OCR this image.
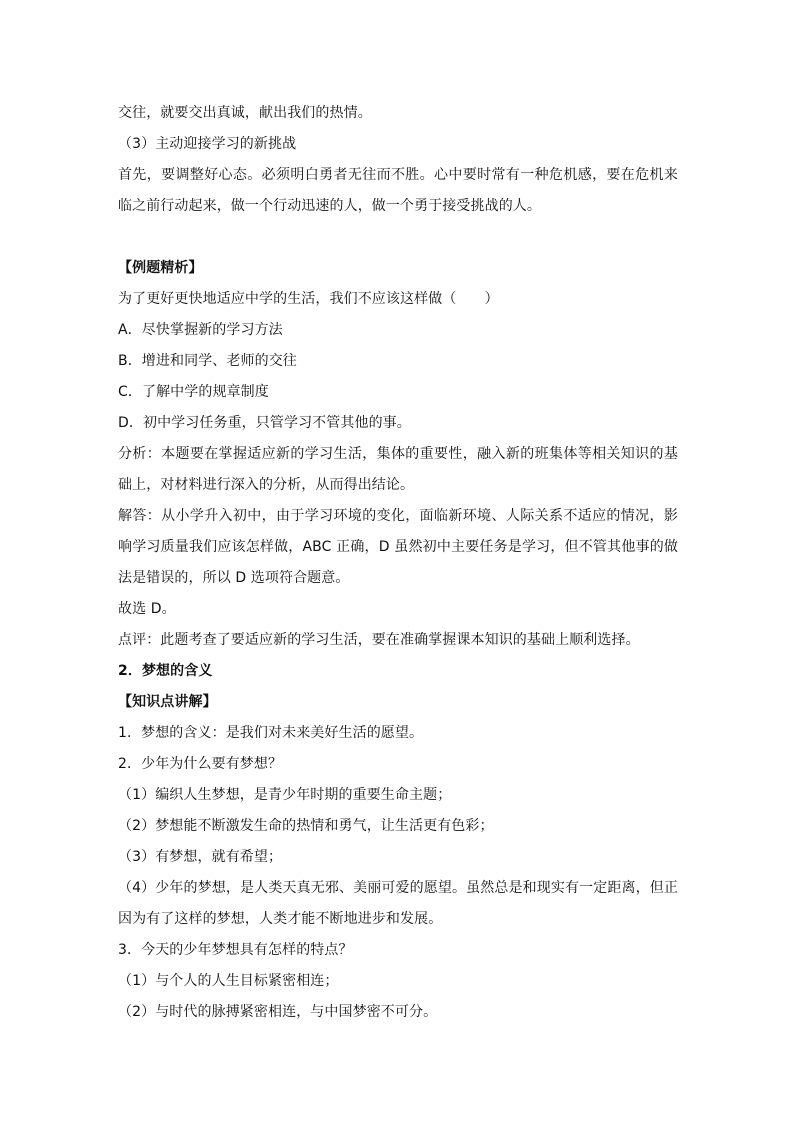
交往，就要交出真诚，献出我们的热情。
（3）主动迎接学习的新挑战
首先，要调整好心态。必须明白勇者无往而不胜。心中要时常有一种危机感，要在危机来临之前行动起来，做一个行动迅速的人，做一个勇于接受挑战的人。
【例题精析】
为了更好更快地适应中学的生活，我们不应该这样做（　　）
A．尽快掌握新的学习方法
B．增进和同学、老师的交往
C．了解中学的规章制度
D．初中学习任务重，只管学习不管其他的事。
分析：本题要在掌握适应新的学习生活，集体的重要性，融入新的班集体等相关知识的基础上，对材料进行深入的分析，从而得出结论。
解答：从小学升入初中，由于学习环境的变化，面临新环境、人际关系不适应的情况，影响学习质量我们应该怎样做，ABC 正确，D 虽然初中主要任务是学习，但不管其他事的做法是错误的，所以 D 选项符合题意。
故选 D。
点评：此题考查了要适应新的学习生活，要在准确掌握课本知识的基础上顺利选择。
2．梦想的含义
【知识点讲解】
1．梦想的含义：是我们对未来美好生活的愿望。
2．少年为什么要有梦想？
（1）编织人生梦想，是青少年时期的重要生命主题；
（2）梦想能不断激发生命的热情和勇气，让生活更有色彩；
（3）有梦想，就有希望；
（4）少年的梦想，是人类天真无邪、美丽可爱的愿望。虽然总是和现实有一定距离，但正因为有了这样的梦想，人类才能不断地进步和发展。
3．今天的少年梦想具有怎样的特点？
（1）与个人的人生目标紧密相连；
（2）与时代的脉搏紧密相连，与中国梦密不可分。
